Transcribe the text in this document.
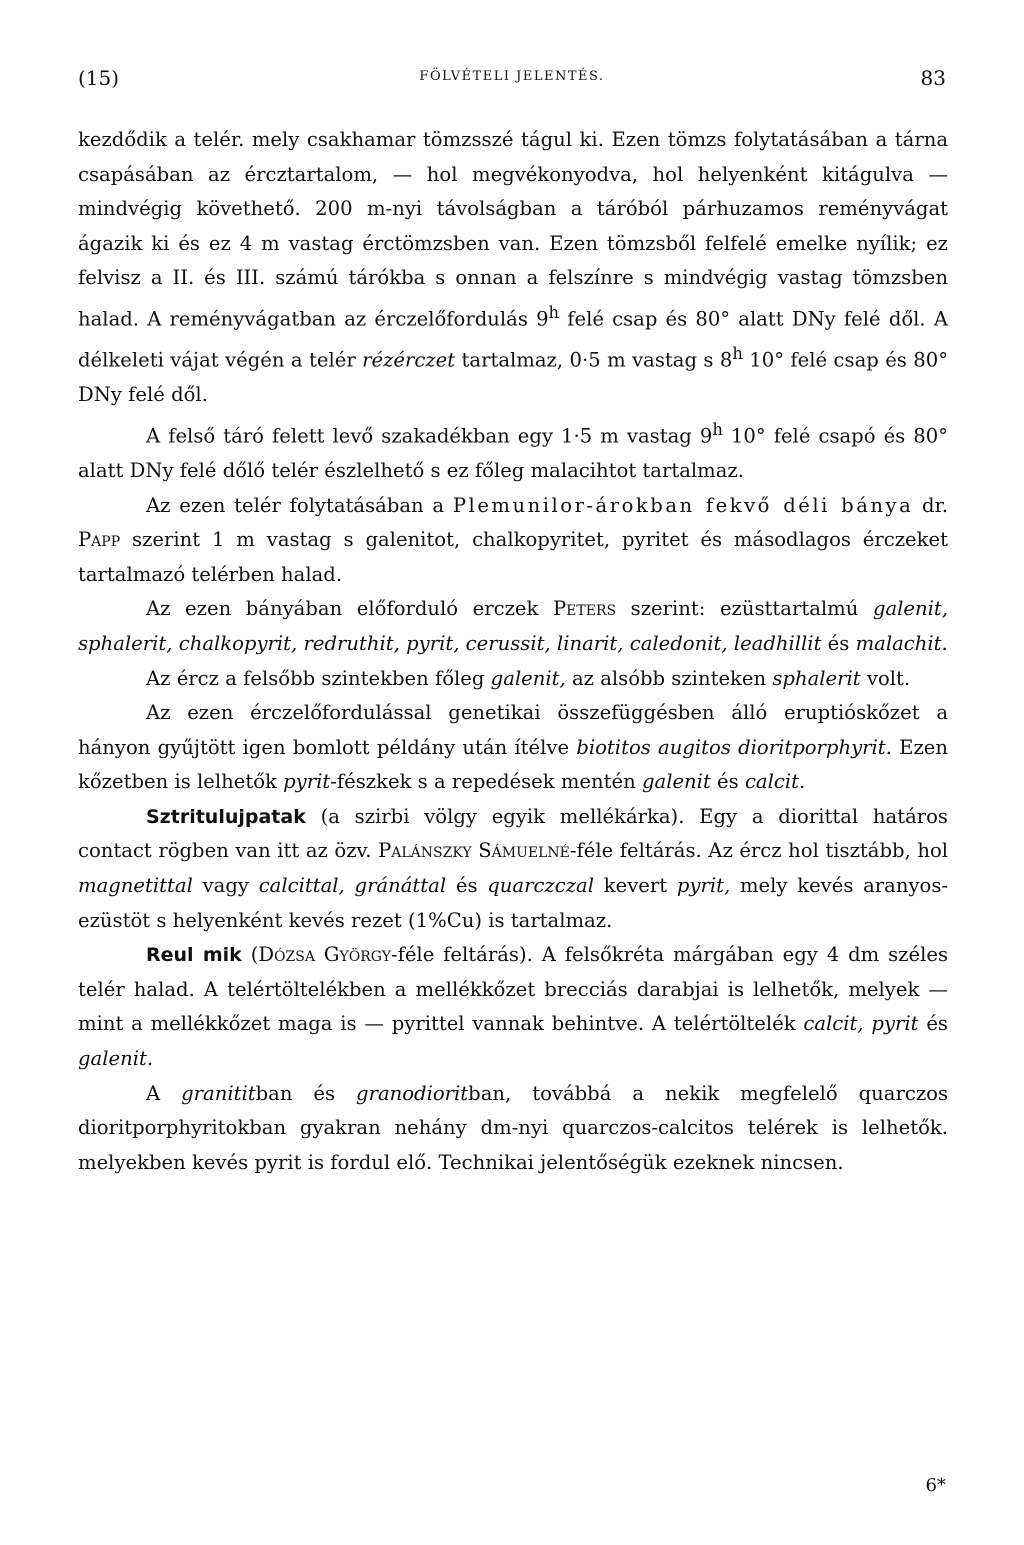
(15)	FÖLVÉTELI JELENTÉS.	83

kezdődik a telér. mely csakhamar tömzsszé tágul ki. Ezen tömzs folytatásában a tárna csapásában az ércztartalom, — hol megvékonyodva, hol helyenként kitágulva — mindvégig követhető. 200 m-nyi távolságban a táróból párhuzamos reményvágat ágazik ki és ez 4 m vastag érctömzsben van. Ezen tömzsből felfelé emelke nyílik; ez felvisz a II. és III. számú tárókba s onnan a felszínre s mindvégig vastag tömzsben halad. A reményvágatban az érczelőfordulás 9$^h$ felé csap és 80° alatt DNy felé dől. A délkeleti vájat végén a telér rézérczet tartalmaz, 0·5 m vastag s 8$^h$ 10° felé csap és 80° DNy felé dől.

A felső táró felett levő szakadékban egy 1·5 m vastag 9$^h$ 10° felé csapó és 80° alatt DNy felé dőlő telér észlelhető s ez főleg malacihtot tartalmaz.

Az ezen telér folytatásában a Plemunilor-árokban fekvő déli bánya dr. Papp szerint 1 m vastag s galenitot, chalkopyritet, pyritet és másodlagos érczeket tartalmazó telérben halad.

Az ezen bányában előforduló erczek Peters szerint: ezüsttartalmú galenit, sphalerit, chalkopyrit, redruthit, pyrit, cerussit, linarit, caledonit, leadhillit és malachit.

Az ércz a felsőbb szintekben főleg galenit, az alsóbb szinteken sphalerit volt.

Az ezen érczelőfordulással genetikai összefüggésben álló eruptióskőzet a hányon gyűjtött igen bomlott példány után ítélve biotitos augitos dioritporphyrit. Ezen kőzetben is lelhetők pyrit-fészkek s a repedések mentén galenit és calcit.

Sztritulujpatak (a szirbi völgy egyik mellékárka). Egy a diorittal határos contact rögben van itt az özv. Palánszky Sámuelné-féle feltárás. Az ércz hol tisztább, hol magnetittal vagy calcittal, gránáttal és quarczczal kevert pyrit, mely kevés aranyos-ezüstöt s helyenként kevés rezet (1%Cu) is tartalmaz.

Reul mik (Dózsa György-féle feltárás). A felsőkréta márgában egy 4 dm széles telér halad. A telértöltelékben a mellékkőzet brecciás darabjai is lelhetők, melyek — mint a mellékkőzet maga is — pyrittel vannak behintve. A telértöltelék calcit, pyrit és galenit.

A granititban és granodioritban, továbbá a nekik megfelelő quarczos dioritporphyritokban gyakran nehány dm-nyi quarczos-calcitos telérek is lelhetők. melyekben kevés pyrit is fordul elő. Technikai jelentőségük ezeknek nincsen.

6*
